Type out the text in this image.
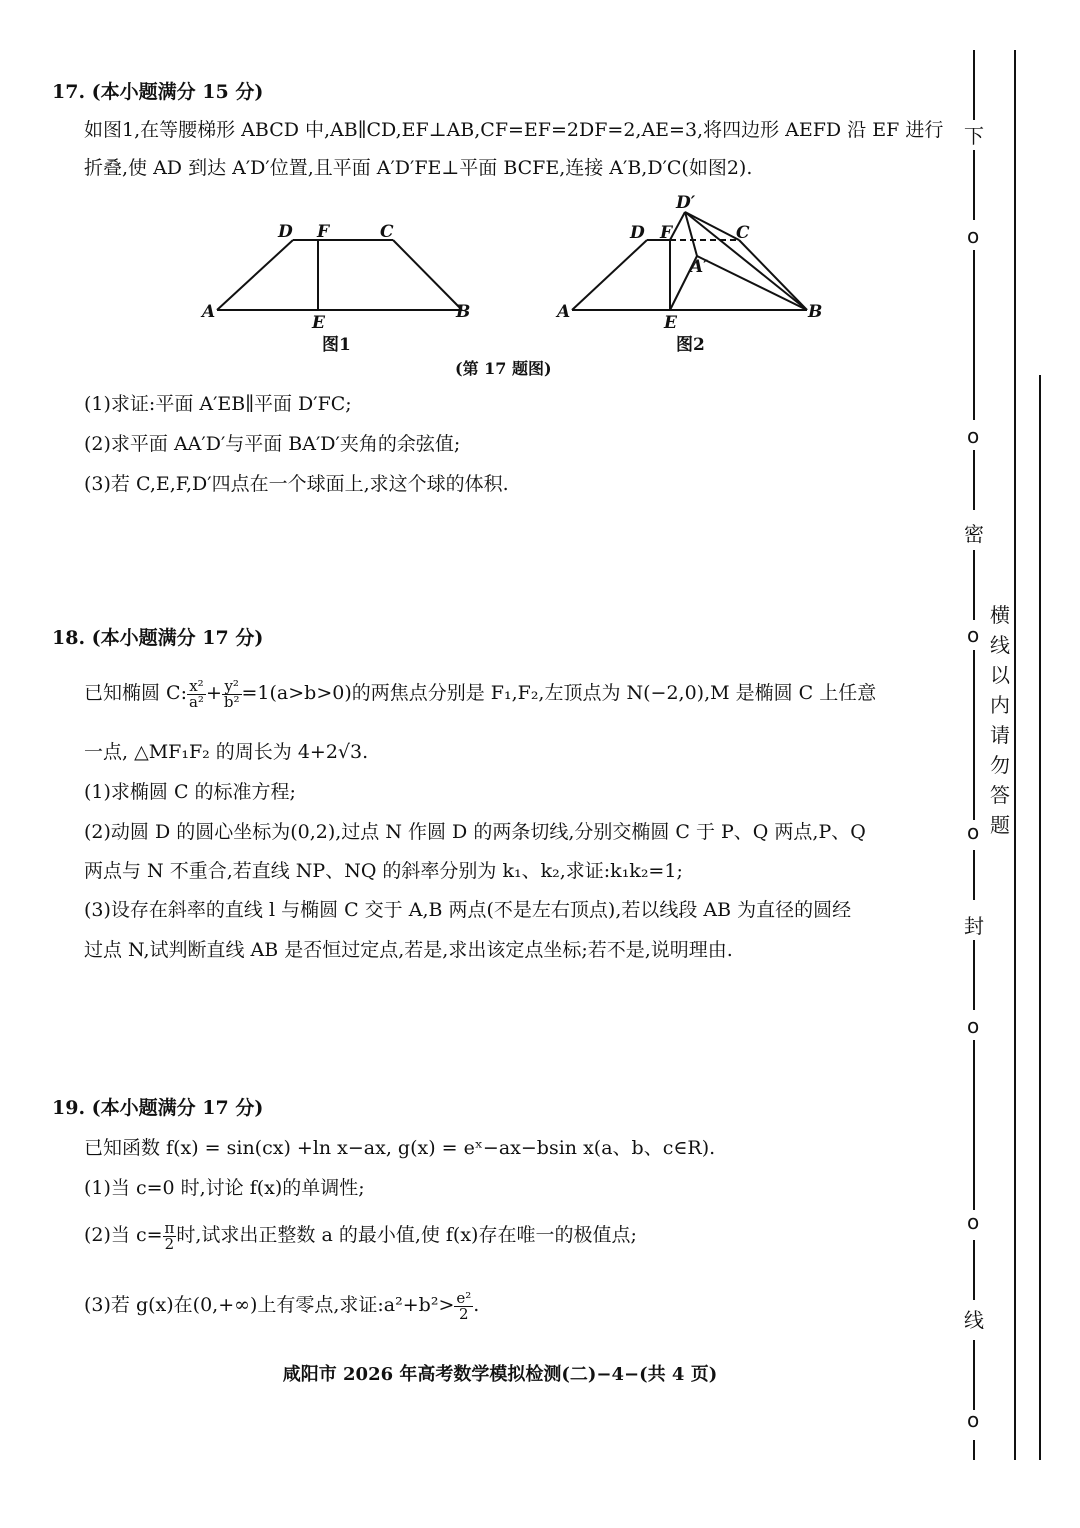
17. (本小题满分 15 分)
如图1,在等腰梯形 ABCD 中,AB∥CD,EF⊥AB,CF=EF=2DF=2,AE=3,将四边形 AEFD 沿 EF 进行
折叠,使 AD 到达 A′D′位置,且平面 A′D′FE⊥平面 BCFE,连接 A′B,D′C(如图2).
D F	C
A
E
B
图1
D′
D F	C
A′
A
E
B
图2
(第 17 题图)
(1)求证:平面 A′EB∥平面 D′FC;
(2)求平面 AA′D′与平面 BA′D′夹角的余弦值;
(3)若 C,E,F,D′四点在一个球面上,求这个球的体积.
18. (本小题满分 17 分)
已知椭圆 C: $\frac{\text{x²}}{\text{a²}} + \frac{\text{y²}}{\text{b²}} =1(a>b>0)$的两焦点分别是 F₁,F₂,左顶点为 N(−2,0),M 是椭圆 C 上任意
一点, △MF₁F₂ 的周长为 4+2√3.
(1)求椭圆 C 的标准方程;
(2)动圆 D 的圆心坐标为(0,2),过点 N 作圆 D 的两条切线,分别交椭圆 C 于 P、Q 两点,P、Q
两点与 N 不重合,若直线 NP、NQ 的斜率分别为 k₁、k₂,求证:k₁k₂=1;
(3)设存在斜率的直线 l 与椭圆 C 交于 A,B 两点(不是左右顶点),若以线段 AB 为直径的圆经
过点 N,试判断直线 AB 是否恒过定点,若是,求出该定点坐标;若不是,说明理由.
19. (本小题满分 17 分)
已知函数 f(x) = sin(cx) +ln x−ax, g(x) = eˣ−ax−bsin x(a、b、c∈R).
(1)当 c=0 时,讨论 f(x)的单调性;
(2)当 $c= \frac{\pi}{2}$ 时,试求出正整数 a 的最小值,使 f(x)存在唯一的极值点;
(3)若 g(x)在(0,+∞)上有零点,求证:a²+b²> $\frac{\text{e²}}{2}$ .
咸阳市 2026 年高考数学模拟检测(二)−4−(共 4 页)
下
o
o
密
o
o
封
o
o
线
o
横线以内请勿答题
